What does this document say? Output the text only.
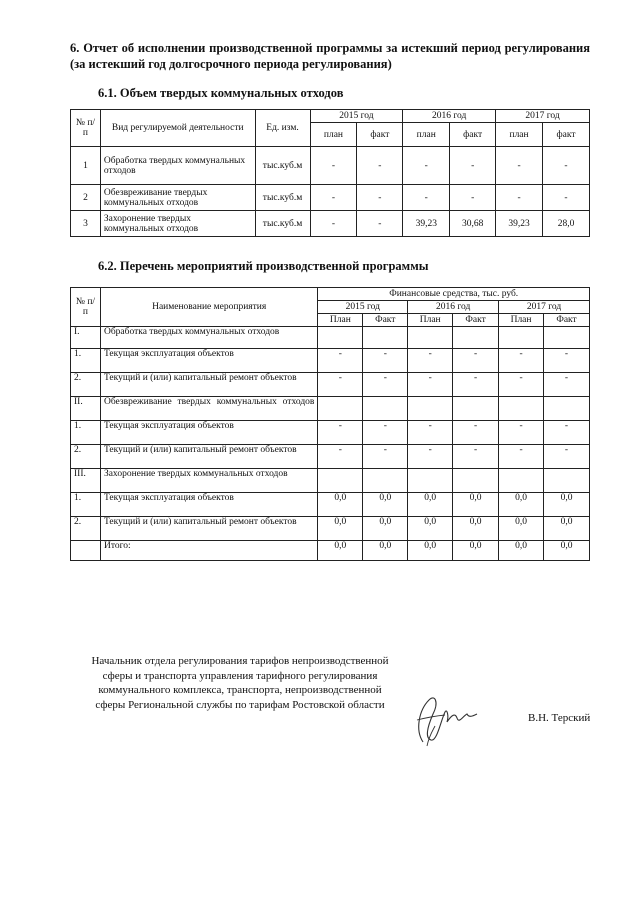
6. Отчет об исполнении производственной программы за истекший период регулирования (за истекший год долгосрочного периода регулирования)
6.1. Объем твердых коммунальных отходов
№ п/п	Вид регулируемой деятельности	Ед. изм.	2015 год		2016 год		2017 год	
			план	факт	план	факт	план	факт
1	Обработка твердых коммунальных отходов	тыс.куб.м	-	-	-	-	-	-
2	Обезвреживание твердых коммунальных отходов	тыс.куб.м	-	-	-	-	-	-
3	Захоронение твердых коммунальных отходов	тыс.куб.м	-	-	39,23	30,68	39,23	28,0
6.2. Перечень мероприятий производственной программы
№ п/п	Наименование мероприятия	Финансовые средства, тыс. руб.					
		2015 год		2016 год		2017 год	
		План	Факт	План	Факт	План	Факт
I.	Обработка твердых коммунальных отходов						
1.	Текущая эксплуатация объектов	-	-	-	-	-	-
2.	Текущий и (или) капитальный ремонт объектов	-	-	-	-	-	-
II.	Обезвреживание твердых коммунальных отходов						
1.	Текущая эксплуатация объектов	-	-	-	-	-	-
2.	Текущий и (или) капитальный ремонт объектов	-	-	-	-	-	-
III.	Захоронение твердых коммунальных отходов						
1.	Текущая эксплуатация объектов	0,0	0,0	0,0	0,0	0,0	0,0
2.	Текущий и (или) капитальный ремонт объектов	0,0	0,0	0,0	0,0	0,0	0,0
	Итого:	0,0	0,0	0,0	0,0	0,0	0,0
Начальник отдела регулирования тарифов непроизводственной сферы и транспорта управления тарифного регулирования коммунального комплекса, транспорта, непроизводственной сферы Региональной службы по тарифам Ростовской области
В.Н. Терский
